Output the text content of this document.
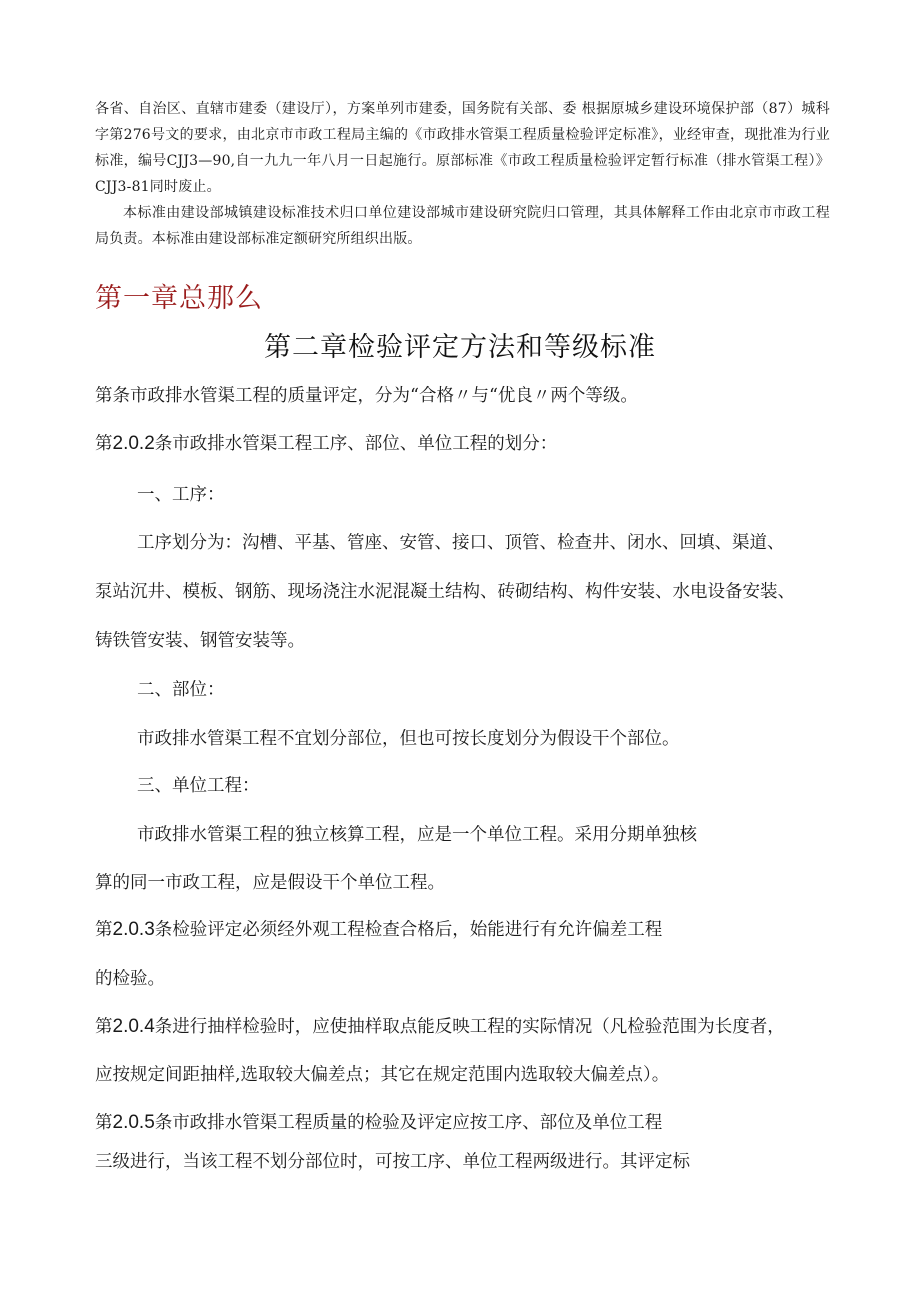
各省、自治区、直辖市建委（建设厅），方案单列市建委，国务院有关部、委 根据原城乡建设环境保护部（87）城科字第276号文的要求，由北京市市政工程局主编的《市政排水管渠工程质量检验评定标准》，业经审查，现批准为行业标准，编号CJJ3—90,自一九九一年八月一日起施行。原部标准《市政工程质量检验评定暂行标准（排水管渠工程）》CJJ3-81同时废止。

本标准由建设部城镇建设标准技术归口单位建设部城市建设研究院归口管理，其具体解释工作由北京市市政工程局负责。本标准由建设部标准定额研究所组织出版。

第一章总那么
第二章检验评定方法和等级标准

第条市政排水管渠工程的质量评定，分为“合格〃与“优良〃两个等级。

第2.0.2条市政排水管渠工程工序、部位、单位工程的划分：

一、工序：

工序划分为：沟槽、平基、管座、安管、接口、顶管、检查井、闭水、回填、渠道、

泵站沉井、模板、钢筋、现场浇注水泥混凝土结构、砖砌结构、构件安装、水电设备安装、

铸铁管安装、钢管安装等。

二、部位：

市政排水管渠工程不宜划分部位，但也可按长度划分为假设干个部位。

三、单位工程：

市政排水管渠工程的独立核算工程，应是一个单位工程。采用分期单独核

算的同一市政工程，应是假设干个单位工程。

第2.0.3条检验评定必须经外观工程检查合格后，始能进行有允许偏差工程

的检验。

第2.0.4条进行抽样检验时，应使抽样取点能反映工程的实际情况（凡检验范围为长度者，

应按规定间距抽样,选取较大偏差点；其它在规定范围内选取较大偏差点）。

第2.0.5条市政排水管渠工程质量的检验及评定应按工序、部位及单位工程

三级进行，当该工程不划分部位时，可按工序、单位工程两级进行。其评定标
